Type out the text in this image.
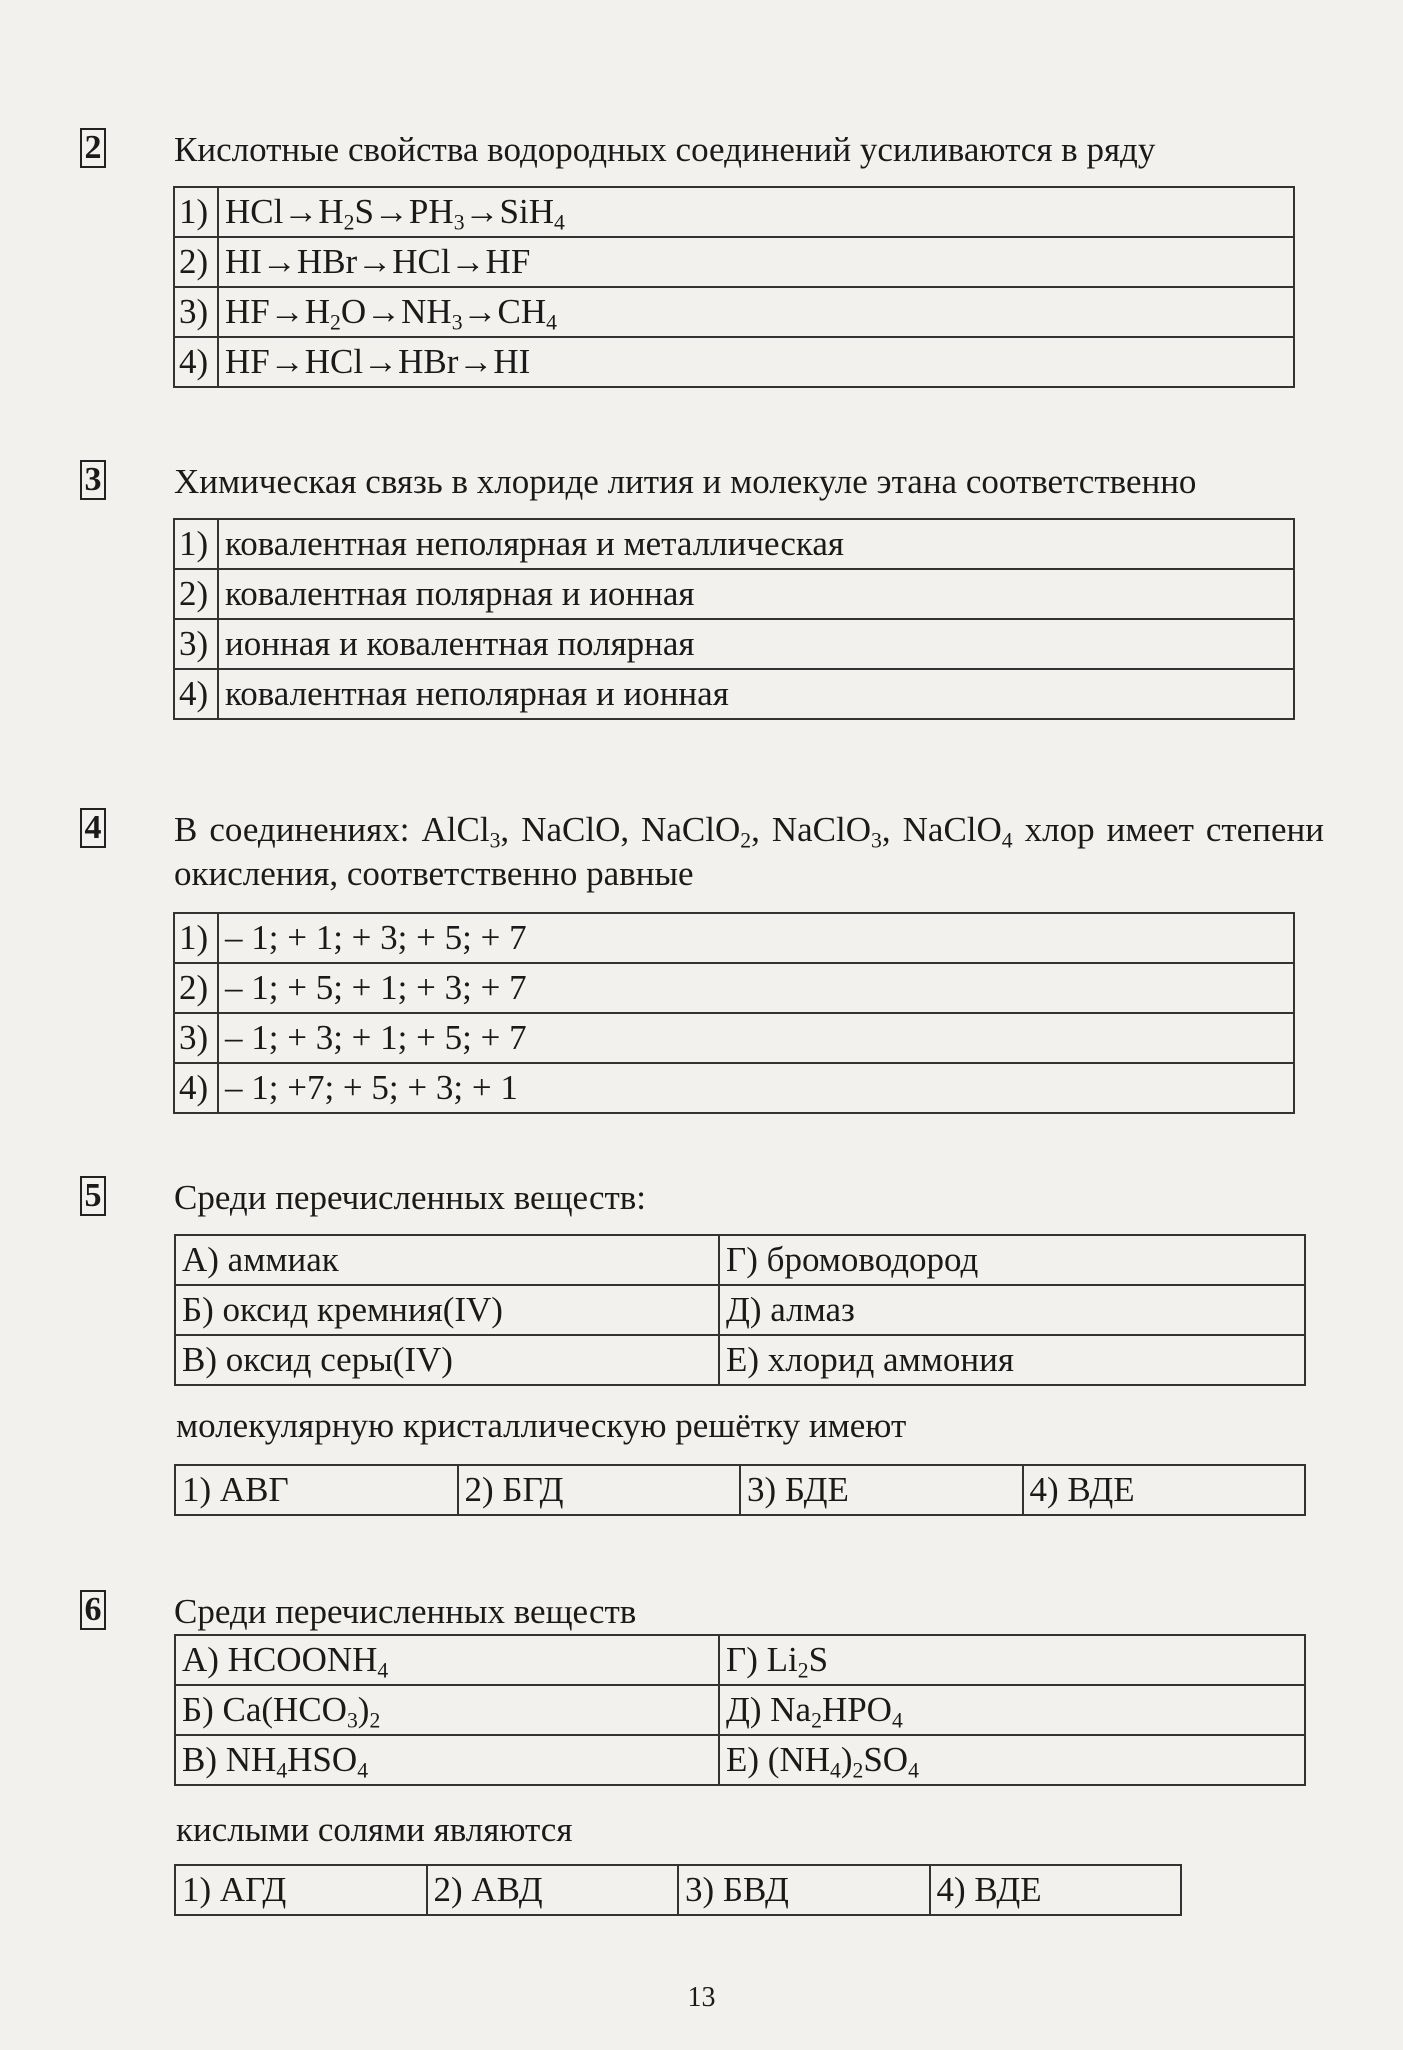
2 Кислотные свойства водородных соединений усиливаются в ряду
1)	$HCl\to H_2S\to PH_3\to SiH_4$
2)	HI→HBr→HCl→HF
3)	$HF\to H_2O\to NH_3\to CH_4$
4)	HF→HCl→HBr→HI
3 Химическая связь в хлориде лития и молекуле этана соответственно
1)	ковалентная неполярная и металлическая
2)	ковалентная полярная и ионная
3)	ионная и ковалентная полярная
4)	ковалентная неполярная и ионная
4 В соединениях: AlCl$_3$, NaClO, NaClO$_2$, NaClO$_3$, NaClO$_4$ хлор имеет степени окисления, соответственно равные
1)	– 1; + 1; + 3; + 5; + 7
2)	– 1; + 5; + 1; + 3; + 7
3)	– 1; + 3; + 1; + 5; + 7
4)	– 1; +7; + 5; + 3; + 1
5 Среди перечисленных веществ:
А) аммиак	Г) бромоводород
Б) оксид кремния(IV)	Д) алмаз
В) оксид серы(IV)	Е) хлорид аммония
молекулярную кристаллическую решётку имеют
1) АВГ	2) БГД	3) БДЕ	4) ВДЕ
6 Среди перечисленных веществ
А) $HCOONH_4$	Г) $Li_2S$
Б) $Ca(HCO_3)_2$	Д) $Na_2HPO_4$
В) $NH_4HSO_4$	Е) $(NH_4)_2SO_4$
кислыми солями являются
1) АГД	2) АВД	3) БВД	4) ВДЕ
13
